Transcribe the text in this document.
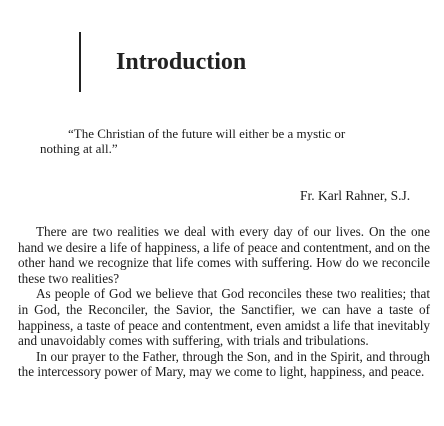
Introduction

“The Christian of the future will either be a mystic or
nothing at all.”

Fr. Karl Rahner, S.J.

There are two realities we deal with every day of our lives. On the one hand we desire a life of happiness, a life of peace and contentment, and on the other hand we recognize that life comes with suffering. How do we reconcile these two realities?

As people of God we believe that God reconciles these two realities; that in God, the Reconciler, the Savior, the Sanctifier, we can have a taste of happiness, a taste of peace and contentment, even amidst a life that inevitably and unavoidably comes with suffering, with trials and tribulations.

In our prayer to the Father, through the Son, and in the Spirit, and through the intercessory power of Mary, may we come to light, happiness, and peace.
